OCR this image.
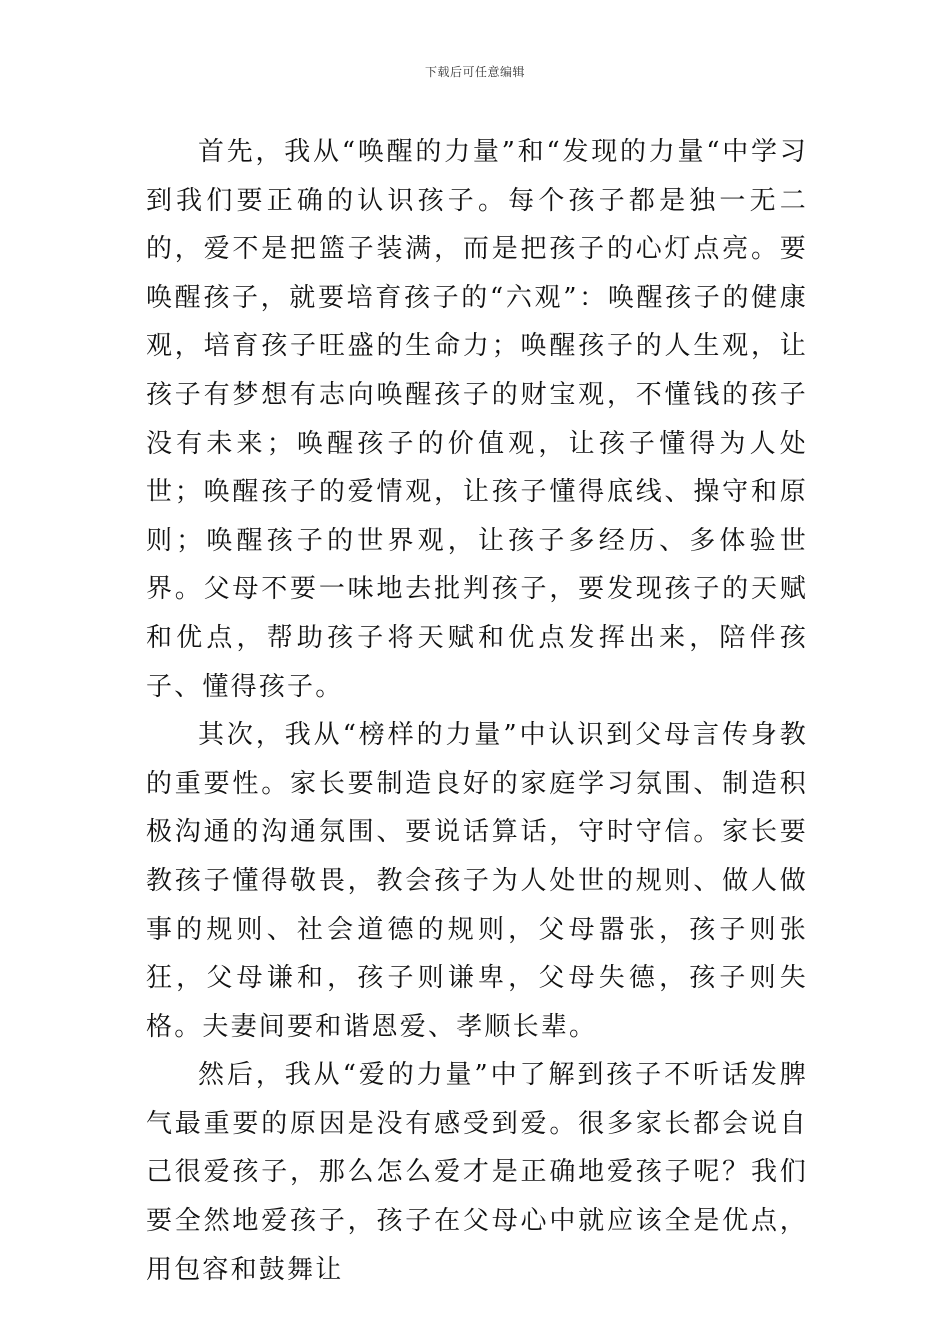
下载后可任意编辑

首先，我从“唤醒的力量”和“发现的力量“中学习到我们要正确的认识孩子。每个孩子都是独一无二的，爱不是把篮子装满，而是把孩子的心灯点亮。要唤醒孩子，就要培育孩子的“六观”：唤醒孩子的健康观，培育孩子旺盛的生命力；唤醒孩子的人生观，让孩子有梦想有志向唤醒孩子的财宝观，不懂钱的孩子没有未来；唤醒孩子的价值观，让孩子懂得为人处世；唤醒孩子的爱情观，让孩子懂得底线、操守和原则；唤醒孩子的世界观，让孩子多经历、多体验世界。父母不要一味地去批判孩子，要发现孩子的天赋和优点，帮助孩子将天赋和优点发挥出来，陪伴孩子、懂得孩子。

其次，我从“榜样的力量”中认识到父母言传身教的重要性。家长要制造良好的家庭学习氛围、制造积极沟通的沟通氛围、要说话算话，守时守信。家长要教孩子懂得敬畏，教会孩子为人处世的规则、做人做事的规则、社会道德的规则，父母嚣张，孩子则张狂，父母谦和，孩子则谦卑，父母失德，孩子则失格。夫妻间要和谐恩爱、孝顺长辈。

然后，我从“爱的力量”中了解到孩子不听话发脾气最重要的原因是没有感受到爱。很多家长都会说自己很爱孩子，那么怎么爱才是正确地爱孩子呢？我们要全然地爱孩子，孩子在父母心中就应该全是优点，用包容和鼓舞让
